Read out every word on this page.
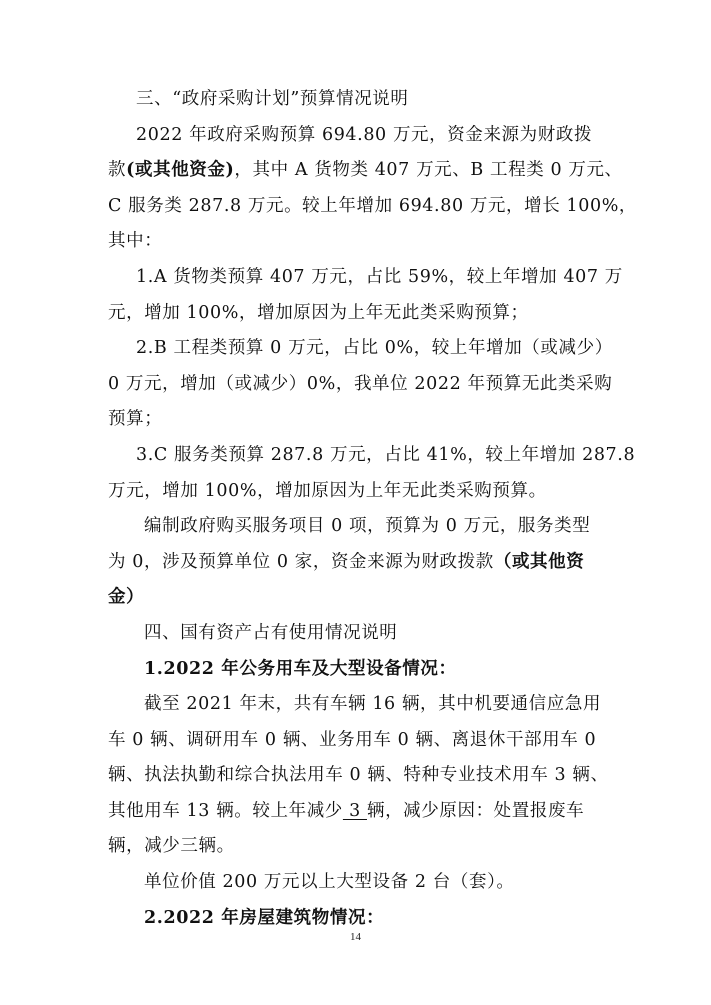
三、“政府采购计划”预算情况说明
2022 年政府采购预算 694.80 万元，资金来源为财政拨
款(或其他资金)，其中 A 货物类 407 万元、B 工程类 0 万元、
C 服务类 287.8 万元。较上年增加 694.80 万元，增长 100%，
其中：
1.A 货物类预算 407 万元，占比 59%，较上年增加 407 万
元，增加 100%，增加原因为上年无此类采购预算；
2.B 工程类预算 0 万元，占比 0%，较上年增加（或减少）
0 万元，增加（或减少）0%，我单位 2022 年预算无此类采购
预算；
3.C 服务类预算 287.8 万元，占比 41%，较上年增加 287.8
万元，增加 100%，增加原因为上年无此类采购预算。
编制政府购买服务项目 0 项，预算为 0 万元，服务类型
为 0，涉及预算单位 0 家，资金来源为财政拨款（或其他资
金）
四、国有资产占有使用情况说明
1.2022 年公务用车及大型设备情况：
截至 2021 年末，共有车辆 16 辆，其中机要通信应急用
车 0 辆、调研用车 0 辆、业务用车 0 辆、离退休干部用车 0
辆、执法执勤和综合执法用车 0 辆、特种专业技术用车 3 辆、
其他用车 13 辆。较上年减少 3 辆，减少原因：处置报废车
辆，减少三辆。
单位价值 200 万元以上大型设备 2 台（套）。
2.2022 年房屋建筑物情况：
14
